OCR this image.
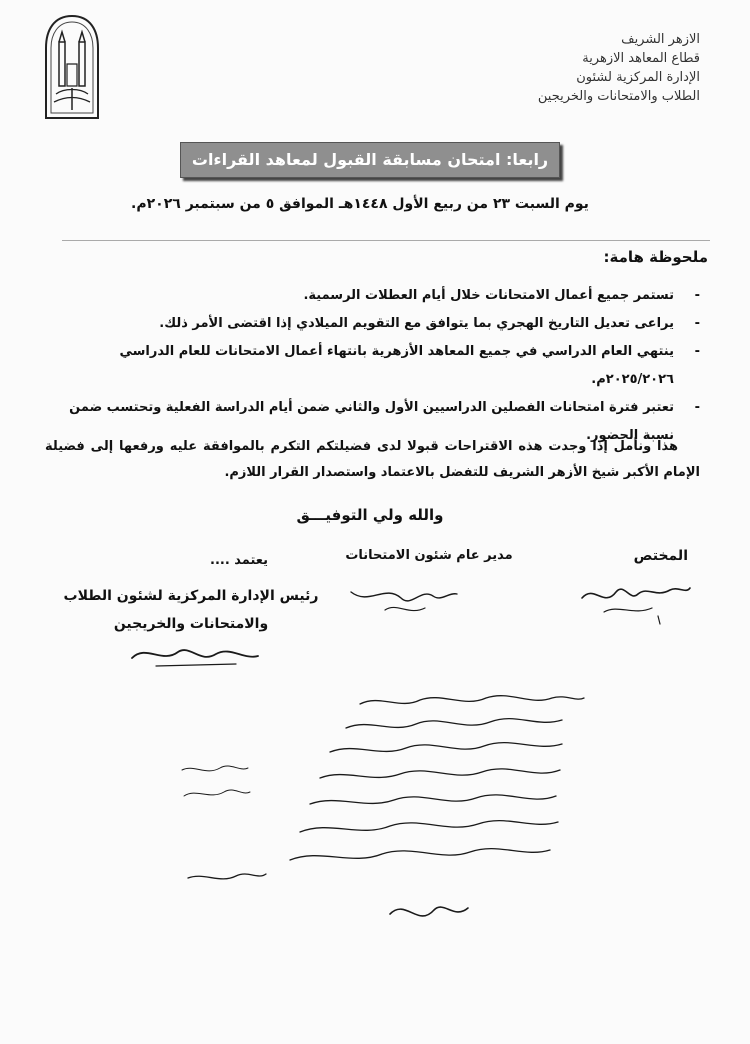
الازهر الشريف
قطاع المعاهد الازهرية
الإدارة المركزية لشئون
الطلاب والامتحانات والخريجين
رابعا: امتحان مسابقة القبول لمعاهد القراءات
يوم السبت ٢٣ من ربيع الأول ١٤٤٨هـ الموافق ٥ من سبتمبر ٢٠٢٦م.
ملحوظة هامة:
-
تستمر جميع أعمال الامتحانات خلال أيام العطلات الرسمية.
-
يراعى تعديل التاريخ الهجري بما يتوافق مع التقويم الميلادي إذا اقتضى الأمر ذلك.
-
ينتهي العام الدراسي في جميع المعاهد الأزهرية بانتهاء أعمال الامتحانات للعام الدراسي ٢٠٢٥/٢٠٢٦م.
-
تعتبر فترة امتحانات الفصلين الدراسيين الأول والثاني ضمن أيام الدراسة الفعلية وتحتسب ضمن نسبة الحضور.
هذا ونأمل إذا وجدت هذه الاقتراحات قبولا لدى فضيلتكم التكرم بالموافقة عليه ورفعها إلى فضيلة الإمام الأكبر شيخ الأزهر الشريف للتفضل بالاعتماد واستصدار القرار اللازم.
والله ولي التوفيـــق
المختص
مدير عام شئون الامتحانات
يعتمد ....
رئيس الإدارة المركزية لشئون الطلاب والامتحانات والخريجين
